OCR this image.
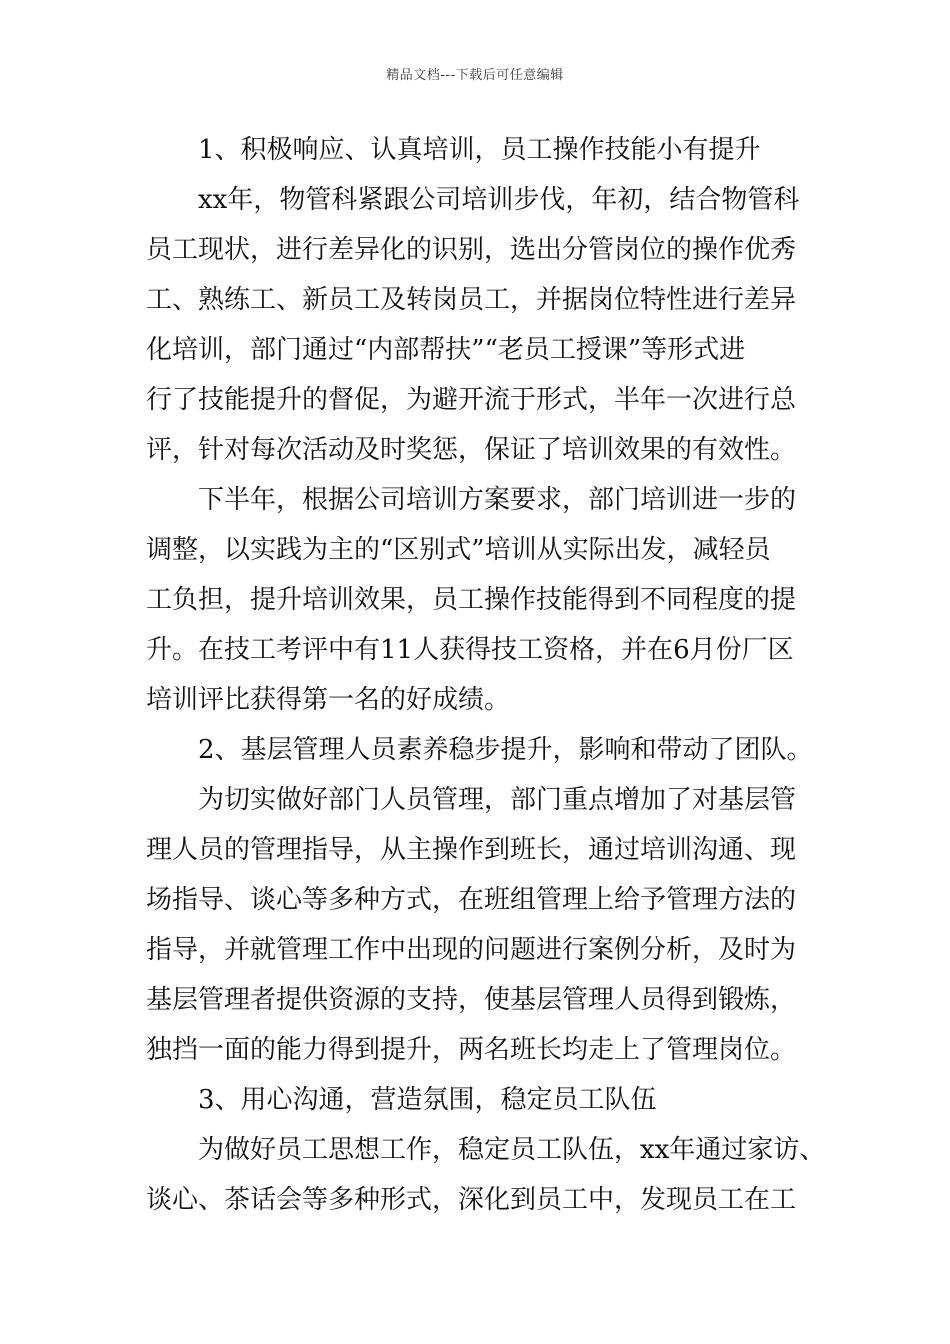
精品文档---下载后可任意编辑
1、积极响应、认真培训，员工操作技能小有提升
xx年，物管科紧跟公司培训步伐，年初，结合物管科
员工现状，进行差异化的识别，选出分管岗位的操作优秀
工、熟练工、新员工及转岗员工，并据岗位特性进行差异
化培训，部门通过“内部帮扶”“老员工授课”等形式进
行了技能提升的督促，为避开流于形式，半年一次进行总
评，针对每次活动及时奖惩，保证了培训效果的有效性。
下半年，根据公司培训方案要求，部门培训进一步的
调整，以实践为主的“区别式”培训从实际出发，减轻员
工负担，提升培训效果，员工操作技能得到不同程度的提
升。在技工考评中有11人获得技工资格，并在6月份厂区
培训评比获得第一名的好成绩。
2、基层管理人员素养稳步提升，影响和带动了团队。
为切实做好部门人员管理，部门重点增加了对基层管
理人员的管理指导，从主操作到班长，通过培训沟通、现
场指导、谈心等多种方式，在班组管理上给予管理方法的
指导，并就管理工作中出现的问题进行案例分析，及时为
基层管理者提供资源的支持，使基层管理人员得到锻炼，
独挡一面的能力得到提升，两名班长均走上了管理岗位。
3、用心沟通，营造氛围，稳定员工队伍
为做好员工思想工作，稳定员工队伍，xx年通过家访、
谈心、茶话会等多种形式，深化到员工中，发现员工在工
